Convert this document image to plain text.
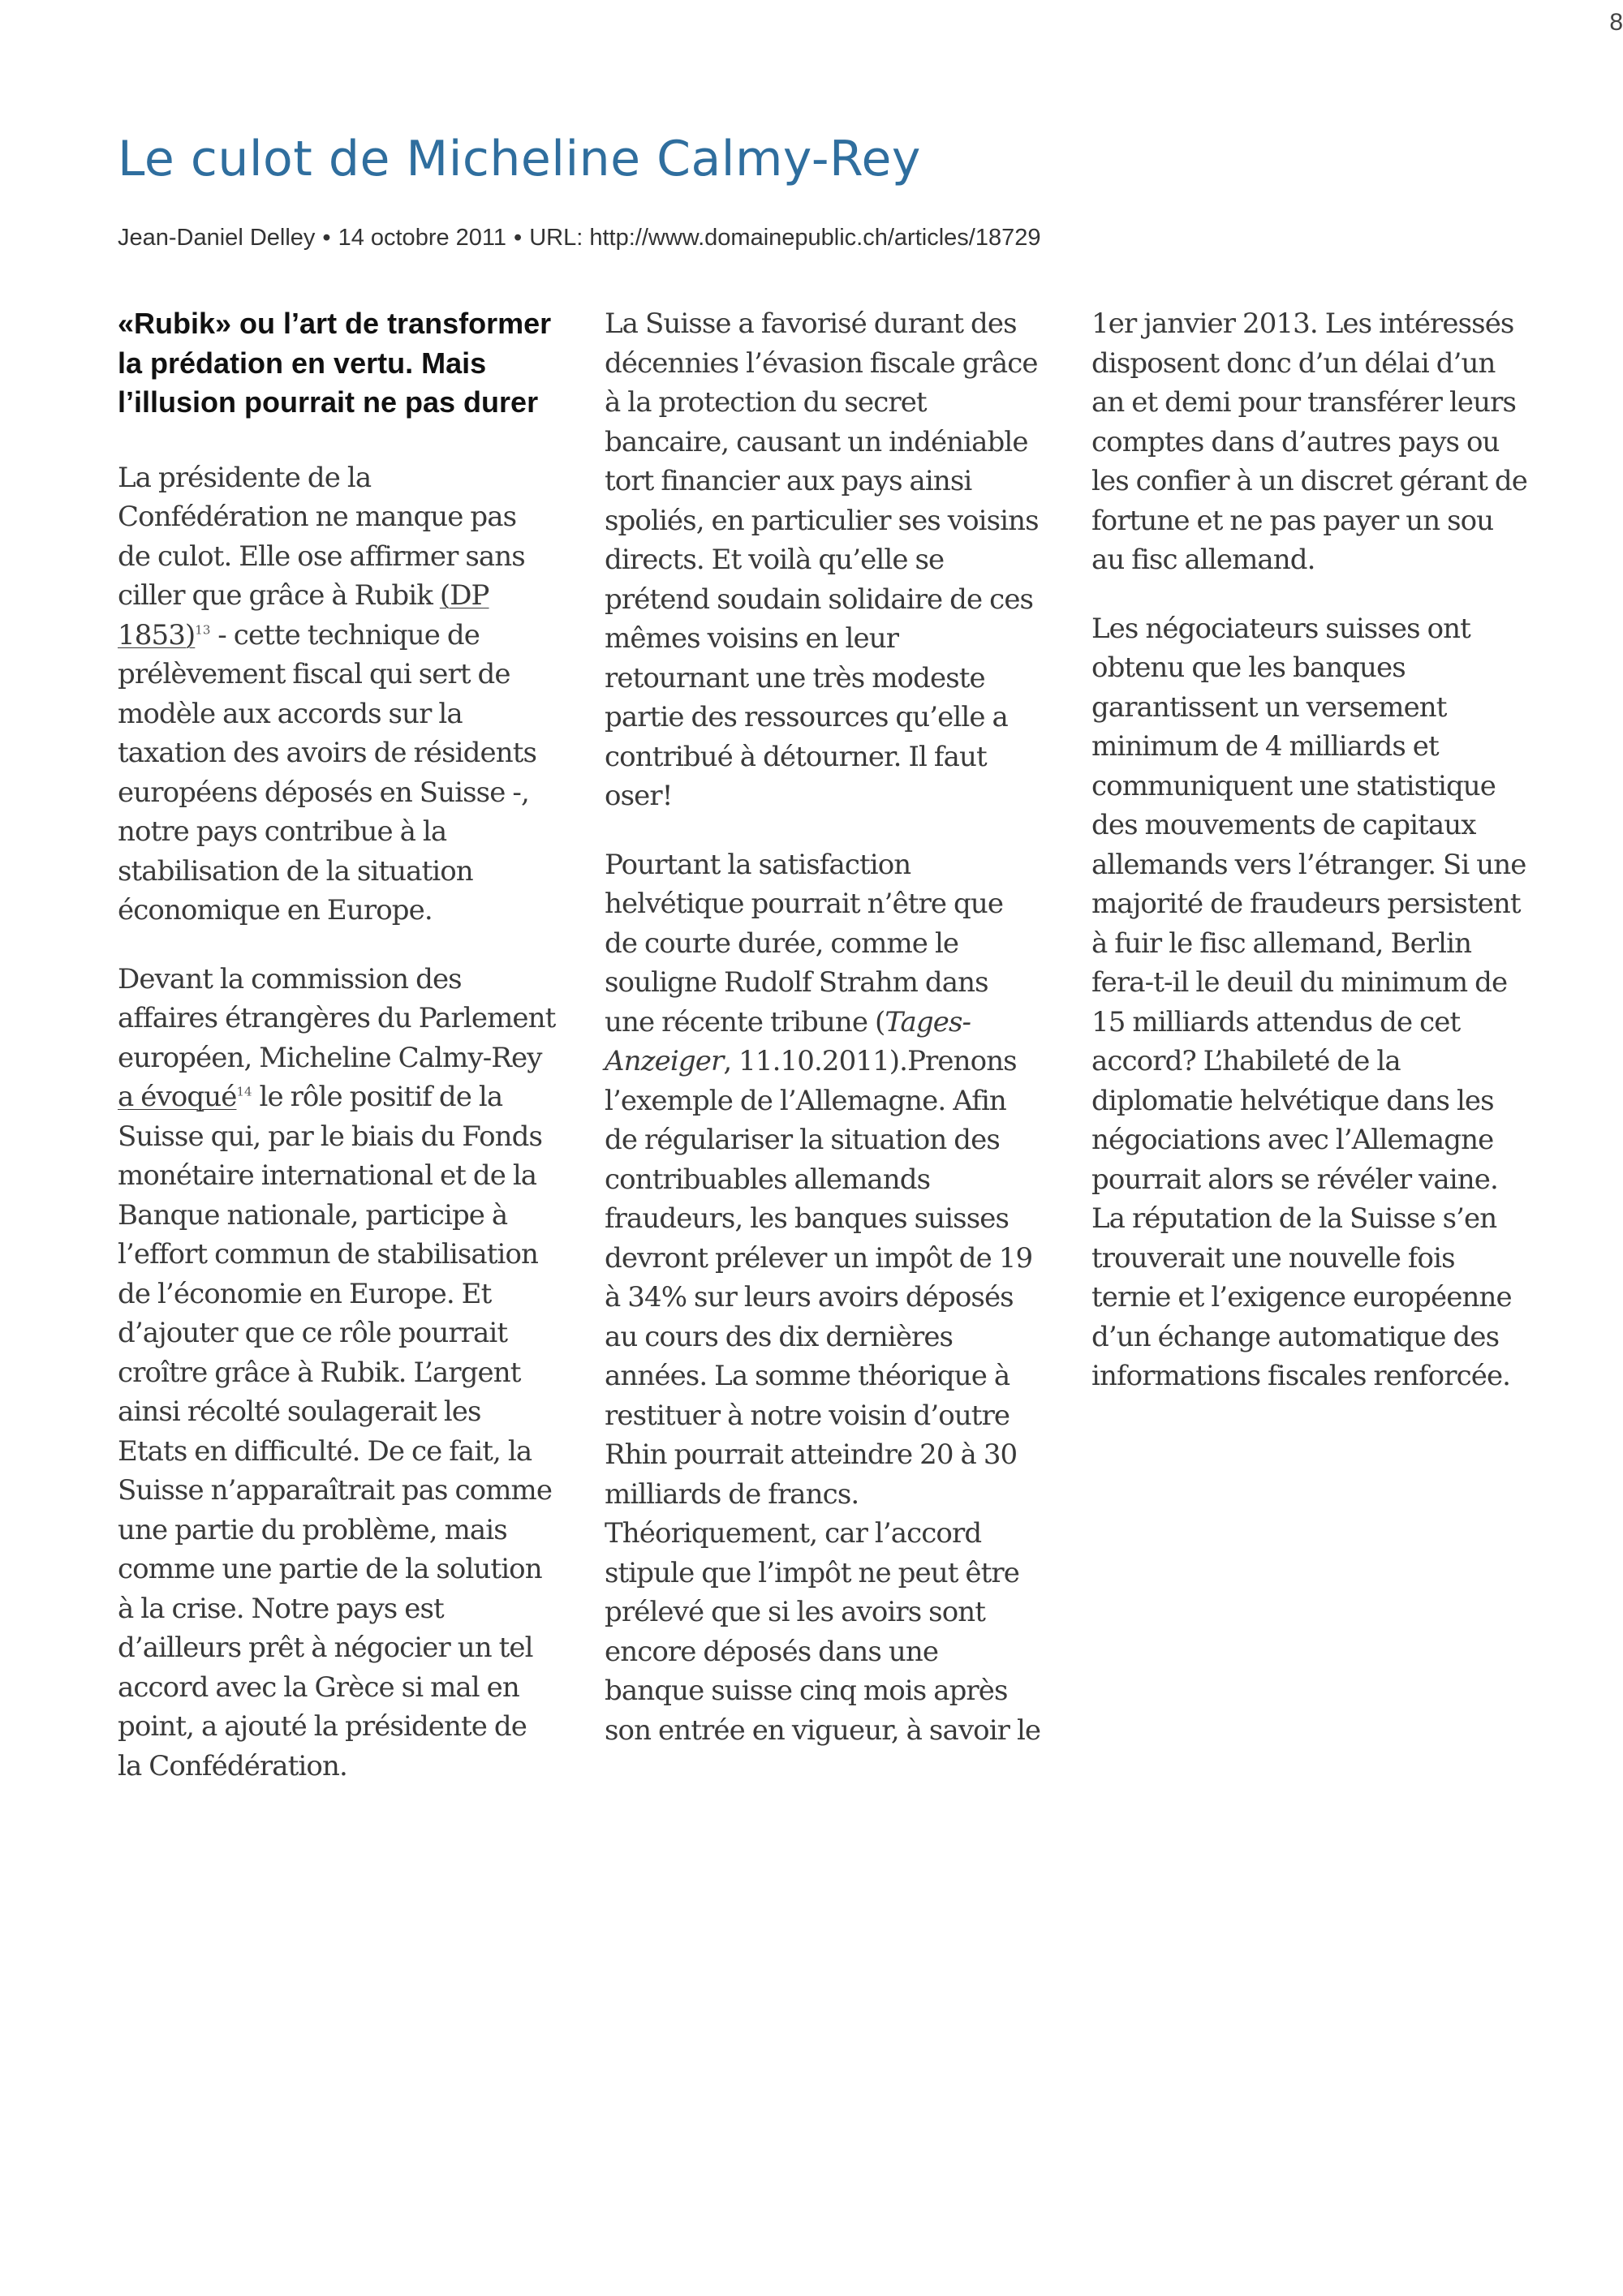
Le culot de Micheline Calmy-Rey
Jean-Daniel Delley • 14 octobre 2011 • URL: http://www.domainepublic.ch/articles/18729

«Rubik» ou l’art de transformer la prédation en vertu. Mais l’illusion pourrait ne pas durer

La présidente de la Confédération ne manque pas de culot. Elle ose affirmer sans ciller que grâce à Rubik (DP 1853)$^{13}$ - cette technique de prélèvement fiscal qui sert de modèle aux accords sur la taxation des avoirs de résidents européens déposés en Suisse -, notre pays contribue à la stabilisation de la situation économique en Europe.

Devant la commission des affaires étrangères du Parlement européen, Micheline Calmy-Rey a évoqué$^{14}$ le rôle positif de la Suisse qui, par le biais du Fonds monétaire international et de la Banque nationale, participe à l’effort commun de stabilisation de l’économie en Europe. Et d’ajouter que ce rôle pourrait croître grâce à Rubik. L’argent ainsi récolté soulagerait les Etats en difficulté. De ce fait, la Suisse n’apparaîtrait pas comme une partie du problème, mais comme une partie de la solution à la crise. Notre pays est d’ailleurs prêt à négocier un tel accord avec la Grèce si mal en point, a ajouté la présidente de la Confédération.

La Suisse a favorisé durant des décennies l’évasion fiscale grâce à la protection du secret bancaire, causant un indéniable tort financier aux pays ainsi spoliés, en particulier ses voisins directs. Et voilà qu’elle se prétend soudain solidaire de ces mêmes voisins en leur retournant une très modeste partie des ressources qu’elle a contribué à détourner. Il faut oser!

Pourtant la satisfaction helvétique pourrait n’être que de courte durée, comme le souligne Rudolf Strahm dans une récente tribune (Tages-Anzeiger, 11.10.2011).Prenons l’exemple de l’Allemagne. Afin de régulariser la situation des contribuables allemands fraudeurs, les banques suisses devront prélever un impôt de 19 à 34% sur leurs avoirs déposés au cours des dix dernières années. La somme théorique à restituer à notre voisin d’outre Rhin pourrait atteindre 20 à 30 milliards de francs. Théoriquement, car l’accord stipule que l’impôt ne peut être prélevé que si les avoirs sont encore déposés dans une banque suisse cinq mois après son entrée en vigueur, à savoir le

1er janvier 2013. Les intéressés disposent donc d’un délai d’un an et demi pour transférer leurs comptes dans d’autres pays ou les confier à un discret gérant de fortune et ne pas payer un sou au fisc allemand.

Les négociateurs suisses ont obtenu que les banques garantissent un versement minimum de 4 milliards et communiquent une statistique des mouvements de capitaux allemands vers l’étranger. Si une majorité de fraudeurs persistent à fuir le fisc allemand, Berlin fera-t-il le deuil du minimum de 15 milliards attendus de cet accord? L’habileté de la diplomatie helvétique dans les négociations avec l’Allemagne pourrait alors se révéler vaine. La réputation de la Suisse s’en trouverait une nouvelle fois ternie et l’exigence européenne d’un échange automatique des informations fiscales renforcée.

8
